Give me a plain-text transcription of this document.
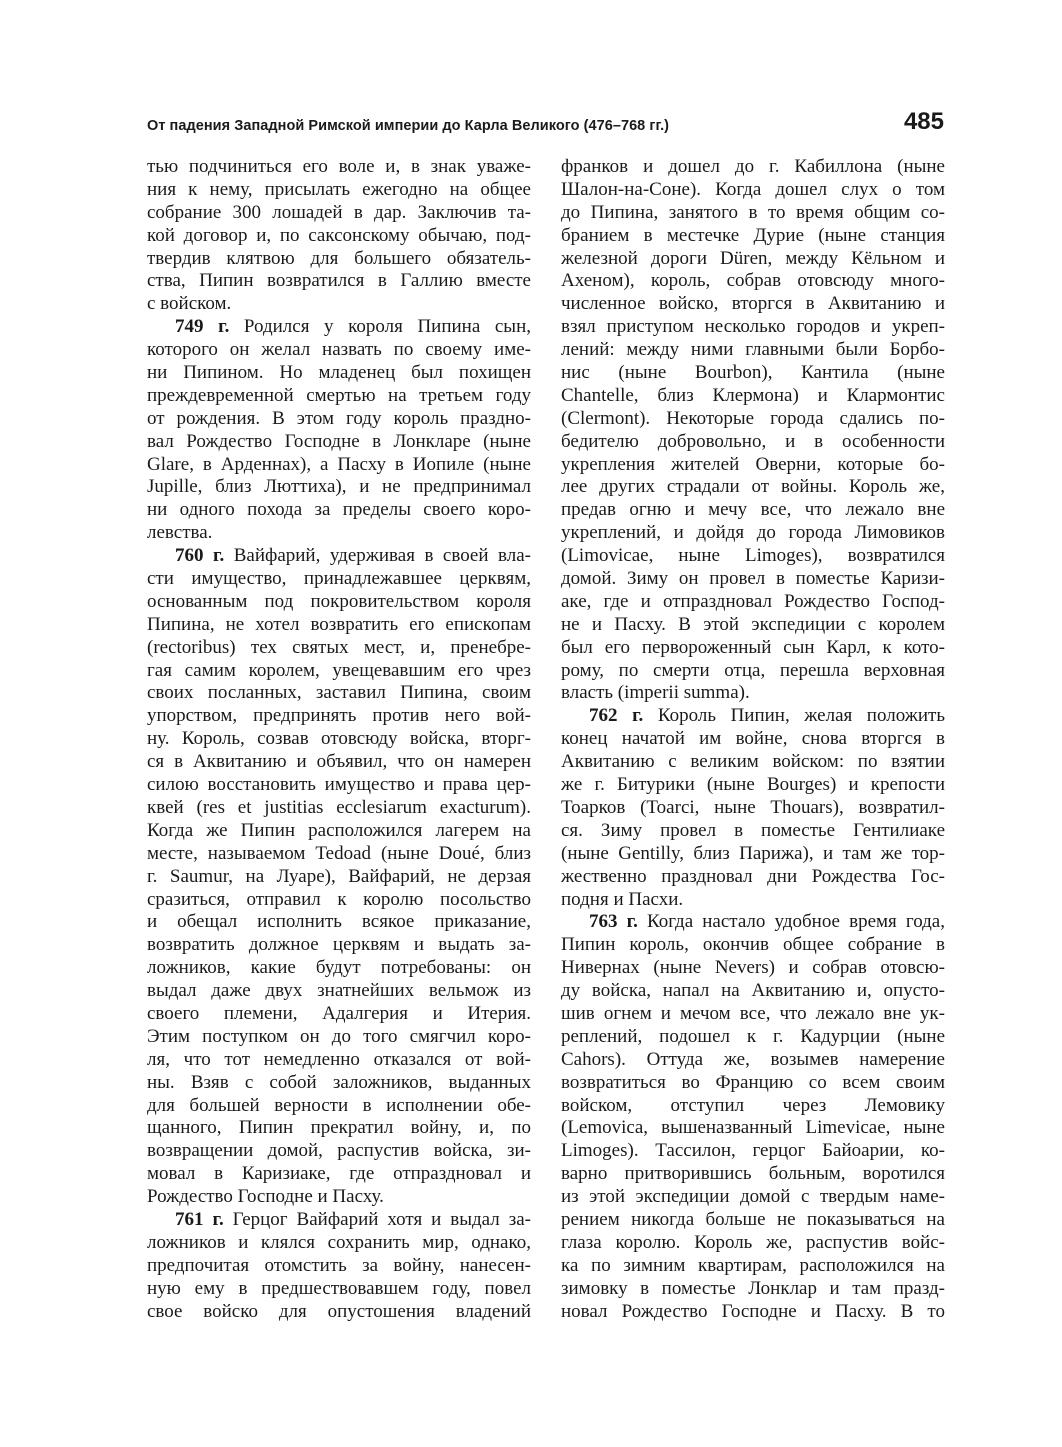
От падения Западной Римской империи до Карла Великого (476–768 гг.)	485
тью подчиниться его воле и, в знак уваже-
ния к нему, присылать ежегодно на общее
собрание 300 лошадей в дар. Заключив та-
кой договор и, по саксонскому обычаю, под-
твердив клятвою для большего обязатель-
ства, Пипин возвратился в Галлию вместе
с войском.
749 г. Родился у короля Пипина сын,
которого он желал назвать по своему име-
ни Пипином. Но младенец был похищен
преждевременной смертью на третьем году
от рождения. В этом году король праздно-
вал Рождество Господне в Лонкларе (ныне
Glare, в Арденнах), а Пасху в Иопиле (ныне
Jupille, близ Люттиха), и не предпринимал
ни одного похода за пределы своего коро-
левства.
760 г. Вайфарий, удерживая в своей вла-
сти имущество, принадлежавшее церквям,
основанным под покровительством короля
Пипина, не хотел возвратить его епископам
(rectoribus) тех святых мест, и, пренебре-
гая самим королем, увещевавшим его чрез
своих посланных, заставил Пипина, своим
упорством, предпринять против него вой-
ну. Король, созвав отовсюду войска, вторг-
ся в Аквитанию и объявил, что он намерен
силою восстановить имущество и права цер-
квей (res et justitias ecclesiarum exacturum).
Когда же Пипин расположился лагерем на
месте, называемом Tedoad (ныне Doué, близ
г. Saumur, на Луаре), Вайфарий, не дерзая
сразиться, отправил к королю посольство
и обещал исполнить всякое приказание,
возвратить должное церквям и выдать за-
ложников, какие будут потребованы: он
выдал даже двух знатнейших вельмож из
своего племени, Адалгерия и Итерия.
Этим поступком он до того смягчил коро-
ля, что тот немедленно отказался от вой-
ны. Взяв с собой заложников, выданных
для большей верности в исполнении обе-
щанного, Пипин прекратил войну, и, по
возвращении домой, распустив войска, зи-
мовал в Каризиаке, где отпраздновал и
Рождество Господне и Пасху.
761 г. Герцог Вайфарий хотя и выдал за-
ложников и клялся сохранить мир, однако,
предпочитая отомстить за войну, нанесен-
ную ему в предшествовавшем году, повел
свое войско для опустошения владений
франков и дошел до г. Кабиллона (ныне
Шалон-на-Соне). Когда дошел слух о том
до Пипина, занятого в то время общим со-
бранием в местечке Дурие (ныне станция
железной дороги Düren, между Кёльном и
Ахеном), король, собрав отовсюду много-
численное войско, вторгся в Аквитанию и
взял приступом несколько городов и укреп-
лений: между ними главными были Борбо-
нис (ныне Bourbon), Кантила (ныне
Chantelle, близ Клермона) и Клармонтис
(Clermont). Некоторые города сдались по-
бедителю добровольно, и в особенности
укрепления жителей Оверни, которые бо-
лее других страдали от войны. Король же,
предав огню и мечу все, что лежало вне
укреплений, и дойдя до города Лимовиков
(Limovicae, ныне Limoges), возвратился
домой. Зиму он провел в поместье Каризи-
аке, где и отпраздновал Рождество Господ-
не и Пасху. В этой экспедиции с королем
был его первороженный сын Карл, к кото-
рому, по смерти отца, перешла верховная
власть (imperii summa).
762 г. Король Пипин, желая положить
конец начатой им войне, снова вторгся в
Аквитанию с великим войском: по взятии
же г. Битурики (ныне Bourges) и крепости
Тоарков (Toarci, ныне Thouars), возвратил-
ся. Зиму провел в поместье Гентилиаке
(ныне Gentilly, близ Парижа), и там же тор-
жественно праздновал дни Рождества Гос-
подня и Пасхи.
763 г. Когда настало удобное время года,
Пипин король, окончив общее собрание в
Нивернах (ныне Nevers) и собрав отовсю-
ду войска, напал на Аквитанию и, опусто-
шив огнем и мечом все, что лежало вне ук-
реплений, подошел к г. Кадурции (ныне
Cahors). Оттуда же, возымев намерение
возвратиться во Францию со всем своим
войском, отступил через Лемовику
(Lemovica, вышеназванный Limevicae, ныне
Limoges). Тассилон, герцог Байоарии, ко-
варно притворившись больным, воротился
из этой экспедиции домой с твердым наме-
рением никогда больше не показываться на
глаза королю. Король же, распустив войс-
ка по зимним квартирам, расположился на
зимовку в поместье Лонклар и там празд-
новал Рождество Господне и Пасху. В то
